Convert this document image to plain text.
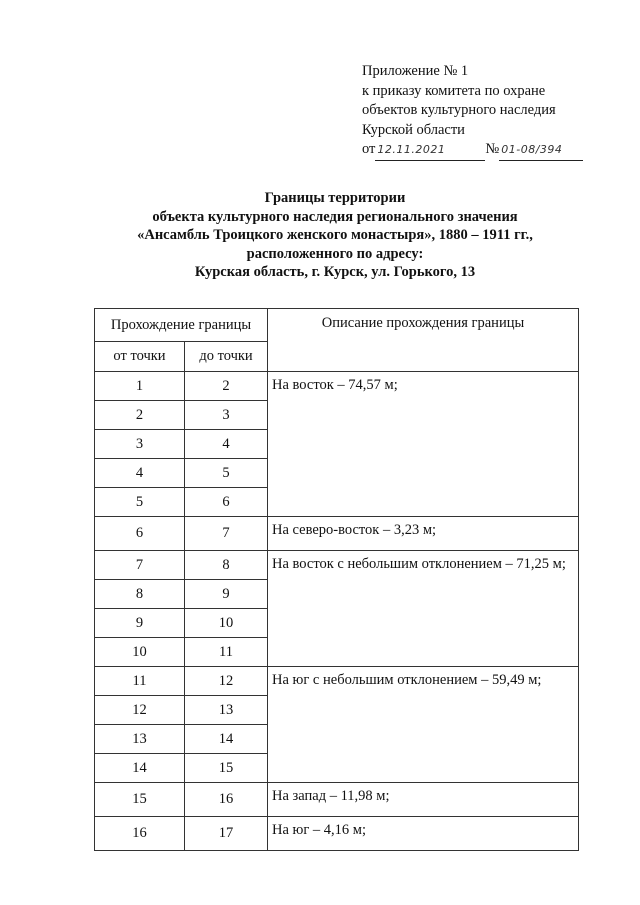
Приложение № 1
к приказу комитета по охране
объектов культурного наследия
Курской области
от 12.11.2021	№ 01-08/394
Границы территории
объекта культурного наследия регионального значения
«Ансамбль Троицкого женского монастыря», 1880 – 1911 гг.,
расположенного по адресу:
Курская область, г. Курск, ул. Горького, 13
Прохождение границы		Описание прохождения границы
от точки	до точки	
1	2	На восток – 74,57 м;
2	3	
3	4	
4	5	
5	6	
6	7	На северо-восток – 3,23 м;
7	8	На восток с небольшим отклонением – 71,25 м;
8	9	
9	10	
10	11	
11	12	На юг с небольшим отклонением – 59,49 м;
12	13	
13	14	
14	15	
15	16	На запад – 11,98 м;
16	17	На юг – 4,16 м;
